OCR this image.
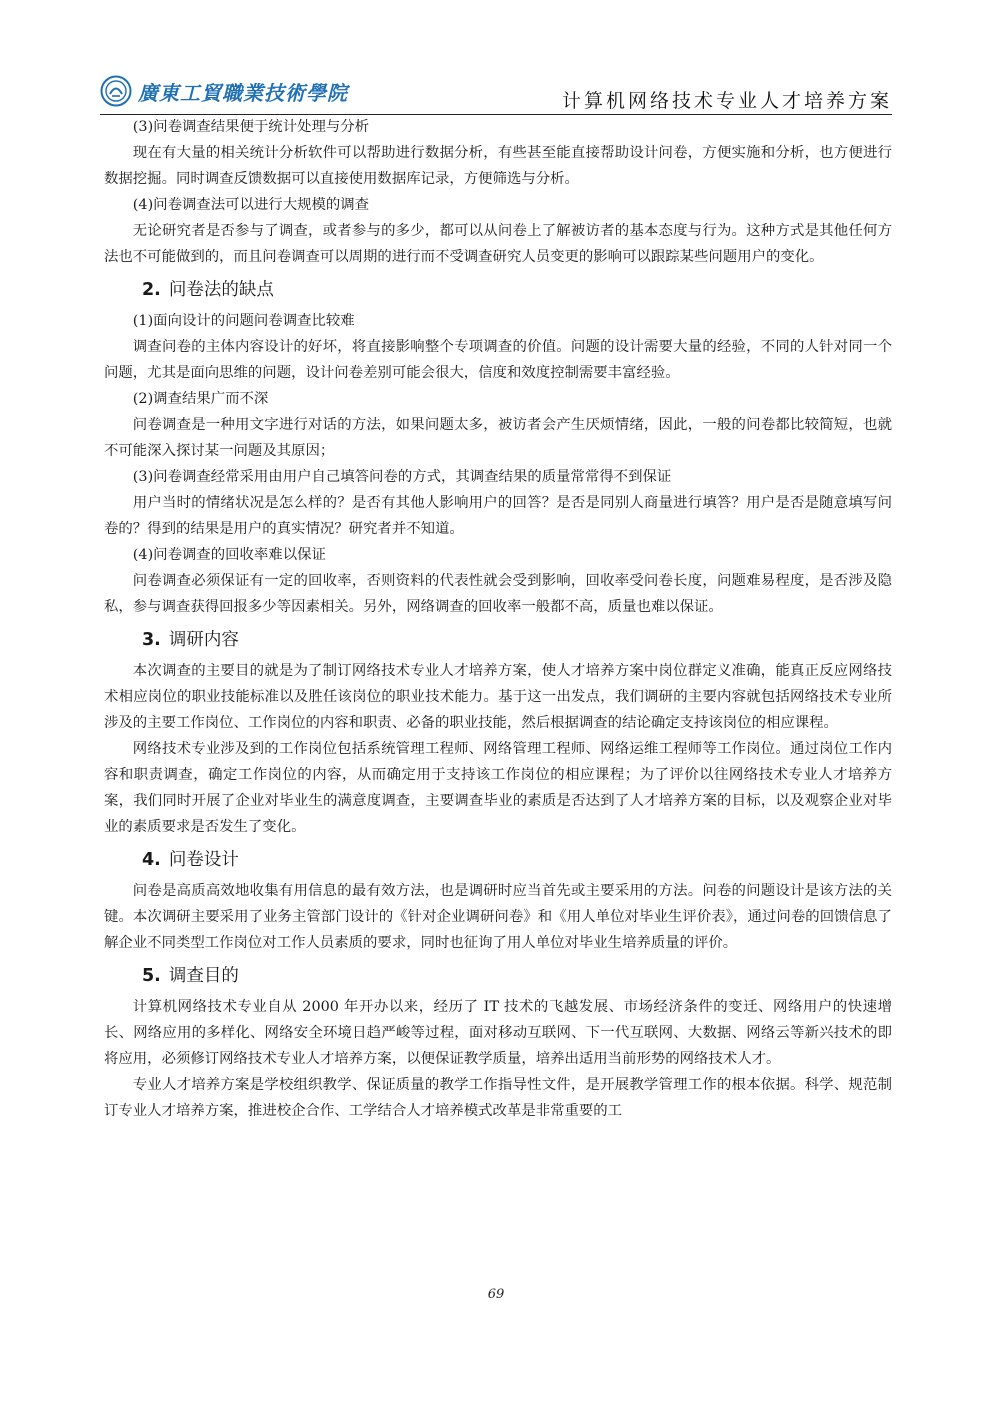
廣東工貿職業技術學院	计算机网络技术专业人才培养方案

(3)问卷调查结果便于统计处理与分析

现在有大量的相关统计分析软件可以帮助进行数据分析，有些甚至能直接帮助设计问卷，方便实施和分析，也方便进行数据挖掘。同时调查反馈数据可以直接使用数据库记录，方便筛选与分析。

(4)问卷调查法可以进行大规模的调查

无论研究者是否参与了调查，或者参与的多少，都可以从问卷上了解被访者的基本态度与行为。这种方式是其他任何方法也不可能做到的，而且问卷调查可以周期的进行而不受调查研究人员变更的影响可以跟踪某些问题用户的变化。

2. 问卷法的缺点

(1)面向设计的问题问卷调查比较难

调查问卷的主体内容设计的好坏，将直接影响整个专项调查的价值。问题的设计需要大量的经验，不同的人针对同一个问题，尤其是面向思维的问题，设计问卷差别可能会很大，信度和效度控制需要丰富经验。

(2)调查结果广而不深

问卷调查是一种用文字进行对话的方法，如果问题太多，被访者会产生厌烦情绪，因此，一般的问卷都比较简短，也就不可能深入探讨某一问题及其原因；

(3)问卷调查经常采用由用户自己填答问卷的方式，其调查结果的质量常常得不到保证

用户当时的情绪状况是怎么样的？是否有其他人影响用户的回答？是否是同别人商量进行填答？用户是否是随意填写问卷的？得到的结果是用户的真实情况？研究者并不知道。

(4)问卷调查的回收率难以保证

问卷调查必须保证有一定的回收率，否则资料的代表性就会受到影响，回收率受问卷长度，问题难易程度，是否涉及隐私，参与调查获得回报多少等因素相关。另外，网络调查的回收率一般都不高，质量也难以保证。

3. 调研内容

本次调查的主要目的就是为了制订网络技术专业人才培养方案，使人才培养方案中岗位群定义准确，能真正反应网络技术相应岗位的职业技能标准以及胜任该岗位的职业技术能力。基于这一出发点，我们调研的主要内容就包括网络技术专业所涉及的主要工作岗位、工作岗位的内容和职责、必备的职业技能，然后根据调查的结论确定支持该岗位的相应课程。

网络技术专业涉及到的工作岗位包括系统管理工程师、网络管理工程师、网络运维工程师等工作岗位。通过岗位工作内容和职责调查，确定工作岗位的内容，从而确定用于支持该工作岗位的相应课程；为了评价以往网络技术专业人才培养方案，我们同时开展了企业对毕业生的满意度调查，主要调查毕业的素质是否达到了人才培养方案的目标，以及观察企业对毕业的素质要求是否发生了变化。

4. 问卷设计

问卷是高质高效地收集有用信息的最有效方法，也是调研时应当首先或主要采用的方法。问卷的问题设计是该方法的关键。本次调研主要采用了业务主管部门设计的《针对企业调研问卷》和《用人单位对毕业生评价表》，通过问卷的回馈信息了解企业不同类型工作岗位对工作人员素质的要求，同时也征询了用人单位对毕业生培养质量的评价。

5. 调查目的

计算机网络技术专业自从 2000 年开办以来，经历了 IT 技术的飞越发展、市场经济条件的变迁、网络用户的快速增长、网络应用的多样化、网络安全环境日趋严峻等过程，面对移动互联网、下一代互联网、大数据、网络云等新兴技术的即将应用，必须修订网络技术专业人才培养方案，以便保证教学质量，培养出适用当前形势的网络技术人才。

专业人才培养方案是学校组织教学、保证质量的教学工作指导性文件，是开展教学管理工作的根本依据。科学、规范制订专业人才培养方案，推进校企合作、工学结合人才培养模式改革是非常重要的工

69
